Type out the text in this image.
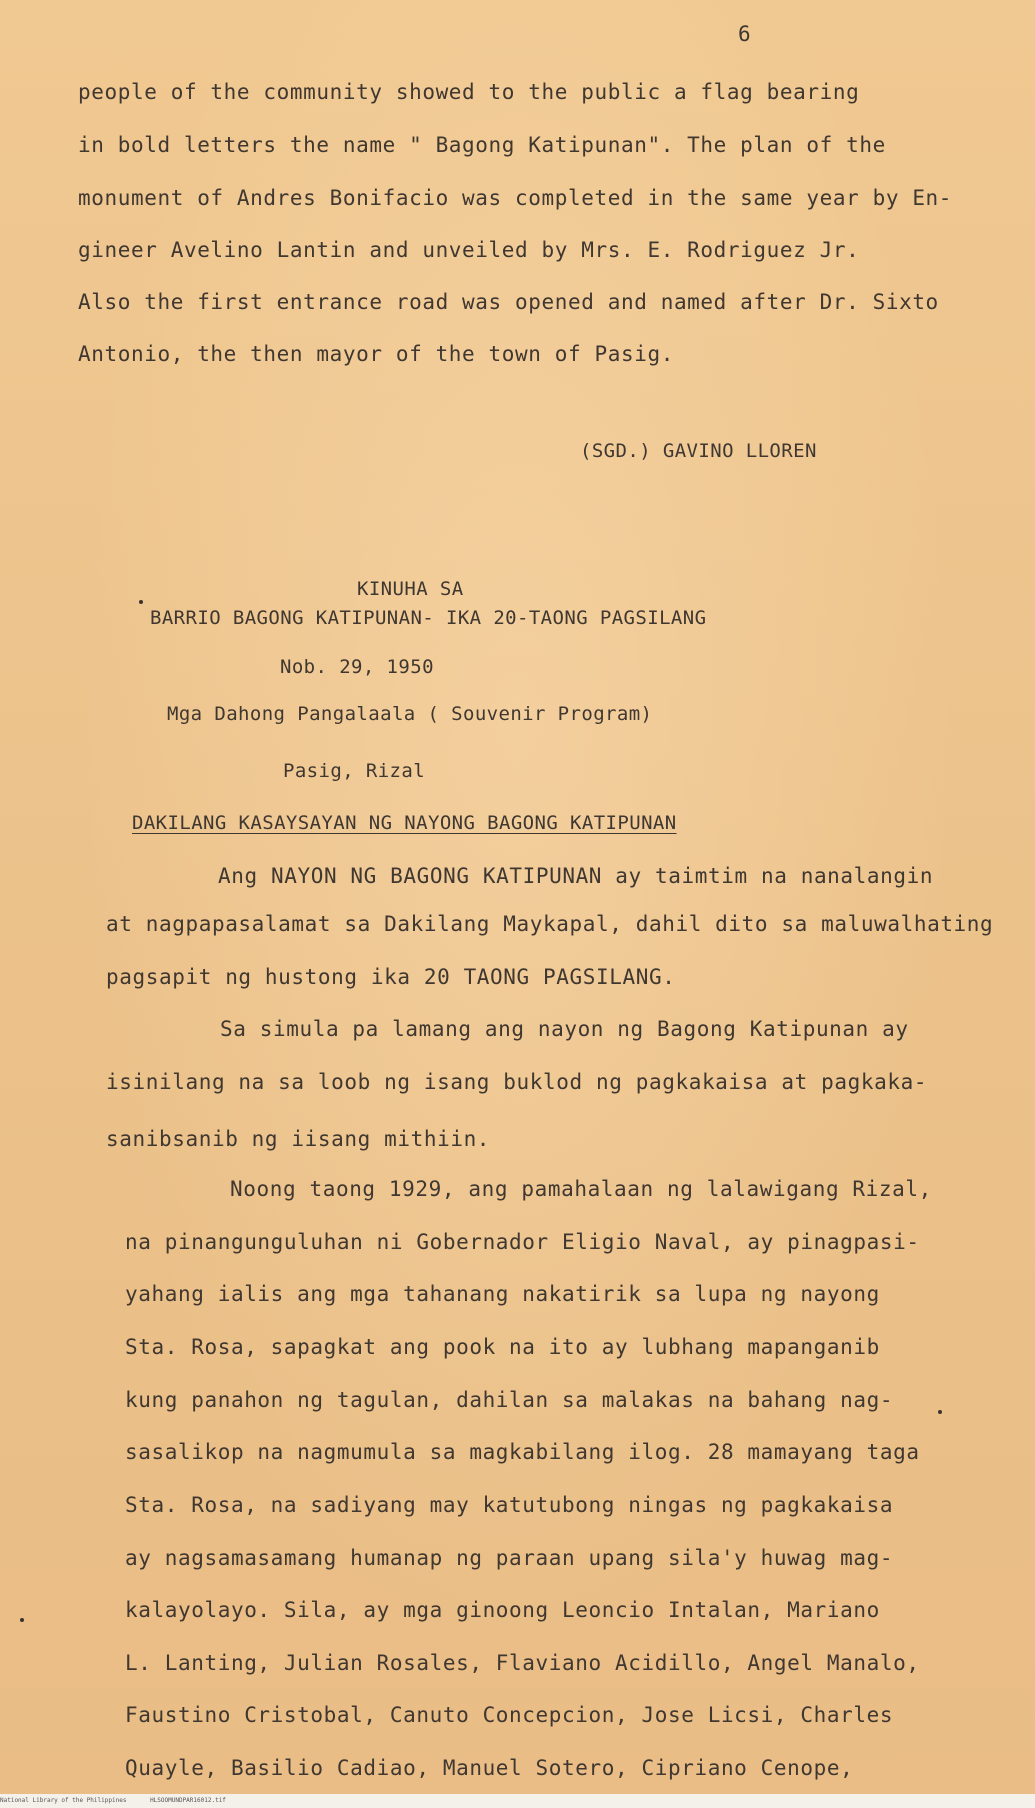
6
people of the community showed to the public a flag bearing
in bold letters the name " Bagong Katipunan". The plan of the
monument of Andres Bonifacio was completed in the same year by En-
gineer Avelino Lantin and unveiled by Mrs. E. Rodriguez Jr.
Also the first entrance road was opened and named after Dr. Sixto
Antonio, the then mayor of the town of Pasig.
(SGD.) GAVINO LLOREN
KINUHA SA
BARRIO BAGONG KATIPUNAN- IKA 20-TAONG PAGSILANG
Nob. 29, 1950
Mga Dahong Pangalaala ( Souvenir Program)
Pasig, Rizal
DAKILANG KASAYSAYAN NG NAYONG BAGONG KATIPUNAN
Ang NAYON NG BAGONG KATIPUNAN ay taimtim na nanalangin
at nagpapasalamat sa Dakilang Maykapal, dahil dito sa maluwalhating
pagsapit ng hustong ika 20 TAONG PAGSILANG.
Sa simula pa lamang ang nayon ng Bagong Katipunan ay
isinilang na sa loob ng isang buklod ng pagkakaisa at pagkaka-
sanibsanib ng iisang mithiin.
Noong taong 1929, ang pamahalaan ng lalawigang Rizal,
na pinangunguluhan ni Gobernador Eligio Naval, ay pinagpasi-
yahang ialis ang mga tahanang nakatirik sa lupa ng nayong
Sta. Rosa, sapagkat ang pook na ito ay lubhang mapanganib
kung panahon ng tagulan, dahilan sa malakas na bahang nag-
sasalikop na nagmumula sa magkabilang ilog. 28 mamayang taga
Sta. Rosa, na sadiyang may katutubong ningas ng pagkakaisa
ay nagsamasamang humanap ng paraan upang sila'y huwag mag-
kalayolayo. Sila, ay mga ginoong Leoncio Intalan, Mariano
L. Lanting, Julian Rosales, Flaviano Acidillo, Angel Manalo,
Faustino Cristobal, Canuto Concepcion, Jose Licsi, Charles
Quayle, Basilio Cadiao, Manuel Sotero, Cipriano Cenope,
National Library of the Philippines	HLSOOMUNDPAR16012.tif
